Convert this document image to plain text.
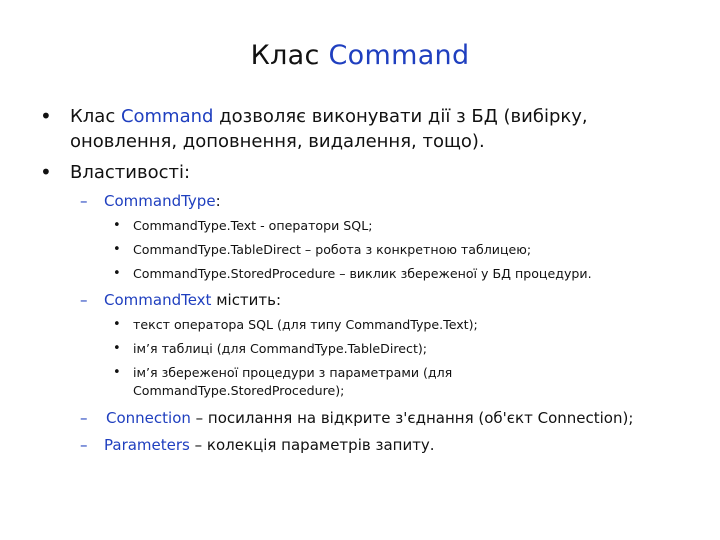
Клас Command
• Клас Command дозволяє виконувати дії з БД (вибірку, оновлення, доповнення, видалення, тощо).
• Властивості:
– CommandType:
• CommandType.Text - оператори SQL;
• CommandType.TableDirect – робота з конкретною таблицею;
• CommandType.StoredProcedure – виклик збереженої у БД процедури.
– CommandText містить:
• текст оператора SQL (для типу CommandType.Text);
• ім’я таблиці (для CommandType.TableDirect);
• ім’я збереженої процедури з параметрами (для CommandType.StoredProcedure);
– Connection – посилання на відкрите з'єднання (об'єкт Connection);
– Parameters – колекція параметрів запиту.
